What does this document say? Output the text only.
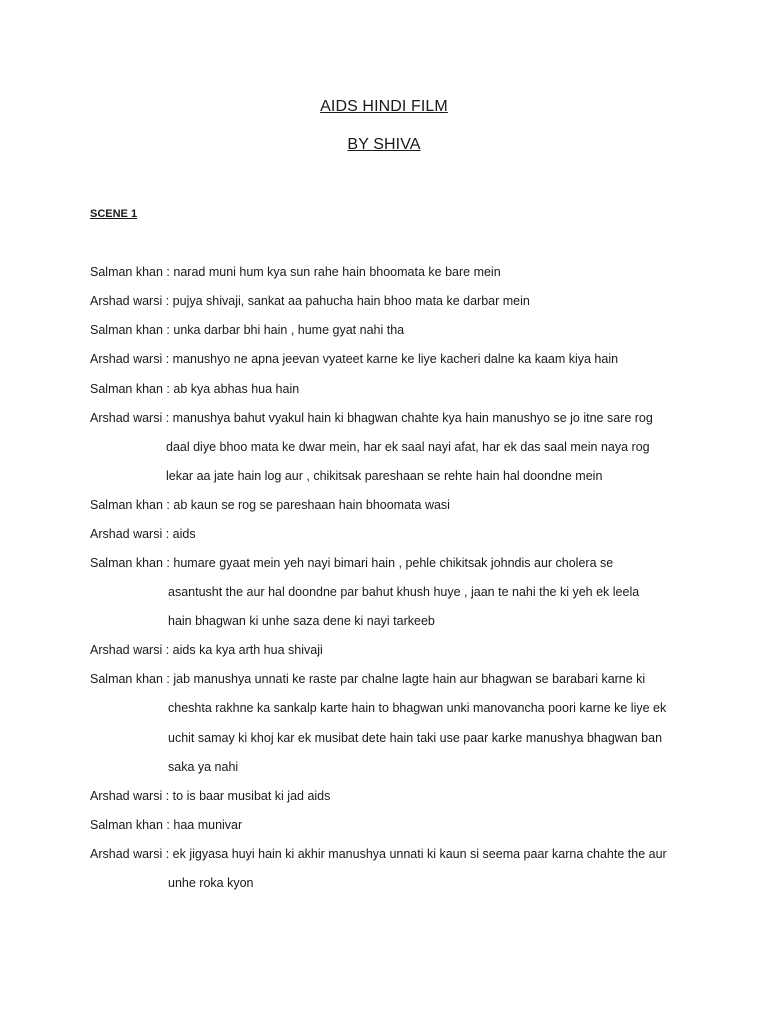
AIDS HINDI FILM
BY SHIVA
SCENE 1
Salman khan : narad muni hum kya sun rahe hain bhoomata ke bare mein
Arshad warsi : pujya shivaji, sankat aa pahucha hain bhoo mata ke darbar mein
Salman khan : unka darbar bhi hain , hume gyat nahi tha
Arshad warsi : manushyo ne apna jeevan vyateet karne ke liye kacheri dalne ka kaam kiya hain
Salman khan : ab kya abhas hua hain
Arshad warsi : manushya bahut vyakul hain ki bhagwan chahte kya hain manushyo se jo itne sare rog
daal diye bhoo mata ke dwar mein, har ek saal nayi afat, har ek das saal mein naya rog
lekar aa jate hain log aur , chikitsak pareshaan se rehte hain hal doondne mein
Salman khan : ab kaun se rog se pareshaan hain bhoomata wasi
Arshad warsi : aids
Salman khan : humare gyaat mein yeh nayi bimari hain , pehle chikitsak johndis aur cholera se
asantusht the aur hal doondne par bahut khush huye , jaan te nahi the ki yeh ek leela
hain bhagwan ki unhe saza dene ki nayi tarkeeb
Arshad warsi : aids ka kya arth hua shivaji
Salman khan : jab manushya unnati ke raste par chalne lagte hain aur bhagwan se barabari karne ki
cheshta rakhne ka sankalp karte hain to bhagwan unki manovancha poori karne ke liye ek
uchit samay ki khoj kar ek musibat dete hain taki use paar karke manushya bhagwan ban
saka ya nahi
Arshad warsi : to is baar musibat ki jad aids
Salman khan : haa munivar
Arshad warsi : ek jigyasa huyi hain ki akhir manushya unnati ki kaun si seema paar karna chahte the aur
unhe roka kyon
